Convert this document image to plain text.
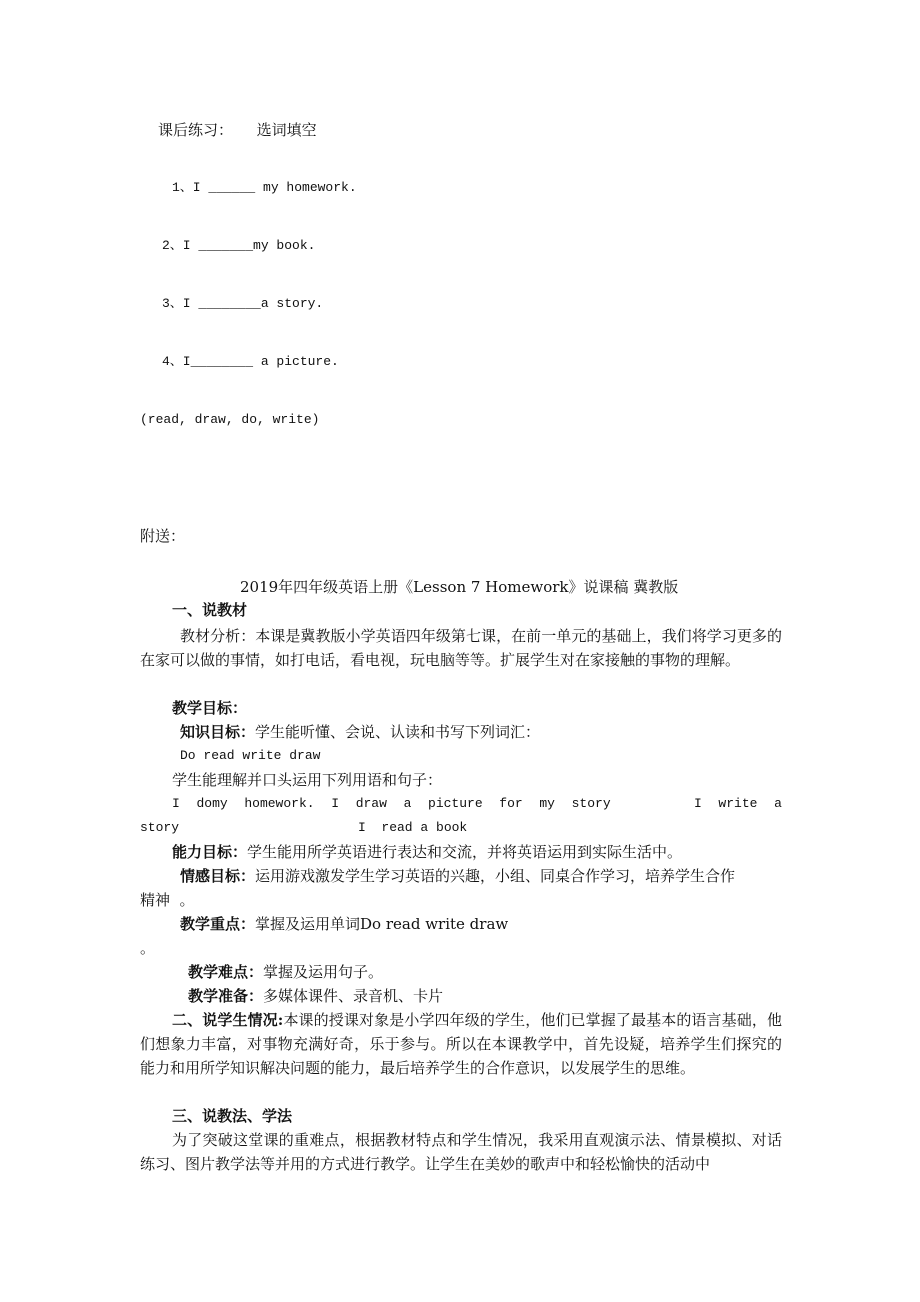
课后练习： 选词填空
1、I ______ my homework.
2、I _______my book.
3、I ________a story.
4、I________ a picture.
(read, draw, do, write)
附送：
2019年四年级英语上册《Lesson 7 Homework》说课稿 冀教版
一、说教材
教材分析：本课是冀教版小学英语四年级第七课，在前一单元的基础上，我们将学习更多的在家可以做的事情，如打电话，看电视，玩电脑等等。扩展学生对在家接触的事物的理解。
教学目标：
知识目标：学生能听懂、会说、认读和书写下列词汇：
Do read write draw
学生能理解并口头运用下列用语和句子：
I domy homework. I draw a picture for my story	I write a
story	I  read a book
能力目标：学生能用所学英语进行表达和交流，并将英语运用到实际生活中。
情感目标：运用游戏激发学生学习英语的兴趣，小组、同桌合作学习，培养学生合作
精神  。
教学重点：掌握及运用单词Do read write draw
。
教学难点：掌握及运用句子。
教学准备：多媒体课件、录音机、卡片
二、说学生情况:本课的授课对象是小学四年级的学生，他们已掌握了最基本的语言基础，他们想象力丰富，对事物充满好奇，乐于参与。所以在本课教学中，首先设疑，培养学生们探究的能力和用所学知识解决问题的能力，最后培养学生的合作意识，以发展学生的思维。
三、说教法、学法
为了突破这堂课的重难点，根据教材特点和学生情况，我采用直观演示法、情景模拟、对话练习、图片教学法等并用的方式进行教学。让学生在美妙的歌声中和轻松愉快的活动中
